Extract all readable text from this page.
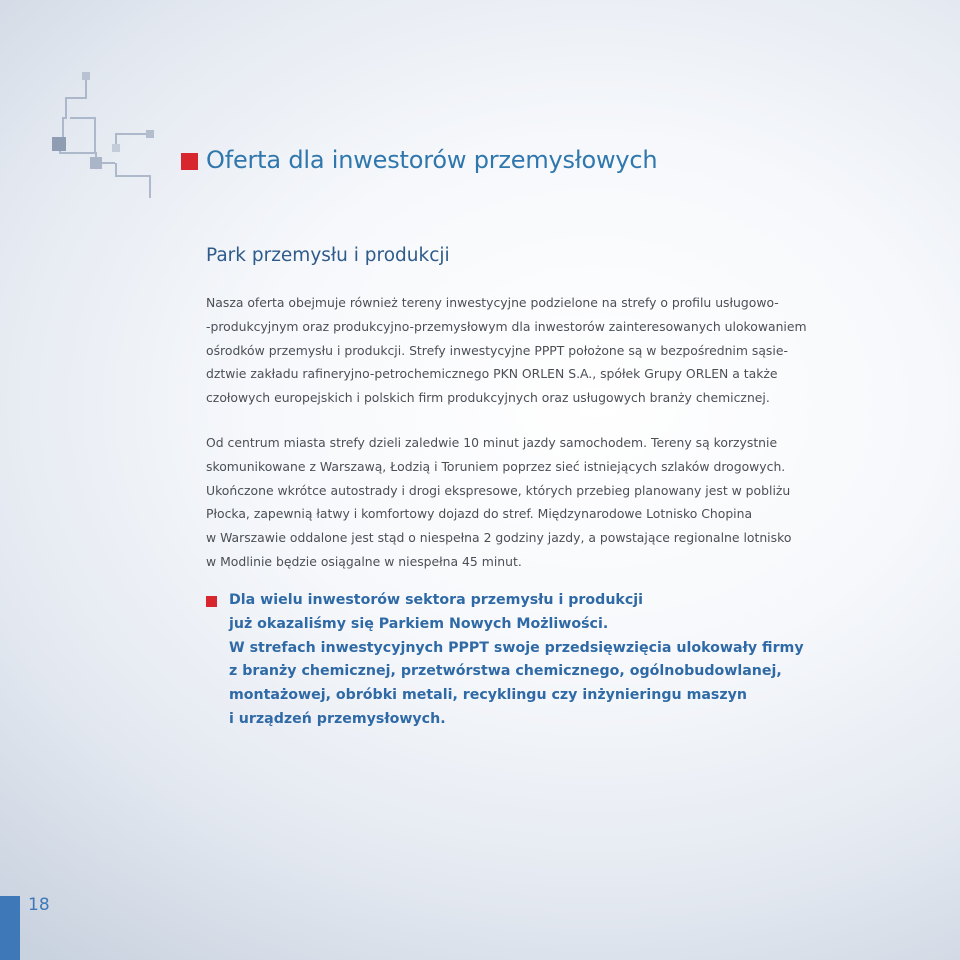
Oferta dla inwestorów przemysłowych
Park przemysłu i produkcji
Nasza oferta obejmuje również tereny inwestycyjne podzielone na strefy o profilu usługowo-
-produkcyjnym oraz produkcyjno-przemysłowym dla inwestorów zainteresowanych ulokowaniem
ośrodków przemysłu i produkcji. Strefy inwestycyjne PPPT położone są w bezpośrednim sąsie-
dztwie zakładu rafineryjno-petrochemicznego PKN ORLEN S.A., spółek Grupy ORLEN a także
czołowych europejskich i polskich firm produkcyjnych oraz usługowych branży chemicznej.
Od centrum miasta strefy dzieli zaledwie 10 minut jazdy samochodem. Tereny są korzystnie
skomunikowane z Warszawą, Łodzią i Toruniem poprzez sieć istniejących szlaków drogowych.
Ukończone wkrótce autostrady i drogi ekspresowe, których przebieg planowany jest w pobliżu
Płocka, zapewnią łatwy i komfortowy dojazd do stref. Międzynarodowe Lotnisko Chopina
w Warszawie oddalone jest stąd o niespełna 2 godziny jazdy, a powstające regionalne lotnisko
w Modlinie będzie osiągalne w niespełna 45 minut.
Dla wielu inwestorów sektora przemysłu i produkcji
już okazaliśmy się Parkiem Nowych Możliwości.
W strefach inwestycyjnych PPPT swoje przedsięwzięcia ulokowały firmy
z branży chemicznej, przetwórstwa chemicznego, ogólnobudowlanej,
montażowej, obróbki metali, recyklingu czy inżynieringu maszyn
i urządzeń przemysłowych.
18
